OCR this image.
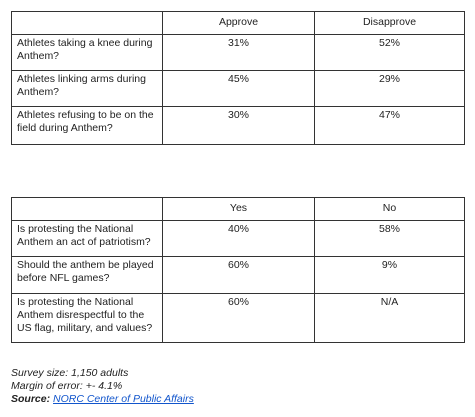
	Approve	Disapprove
Athletes taking a knee during Anthem?	31%	52%
Athletes linking arms during Anthem?	45%	29%
Athletes refusing to be on the field during Anthem?	30%	47%
	Yes	No
Is protesting the National Anthem an act of patriotism?	40%	58%
Should the anthem be played before NFL games?	60%	9%
Is protesting the National Anthem disrespectful to the US flag, military, and values?	60%	N/A
Survey size: 1,150 adults
Margin of error: +- 4.1%
Source: NORC Center of Public Affairs
